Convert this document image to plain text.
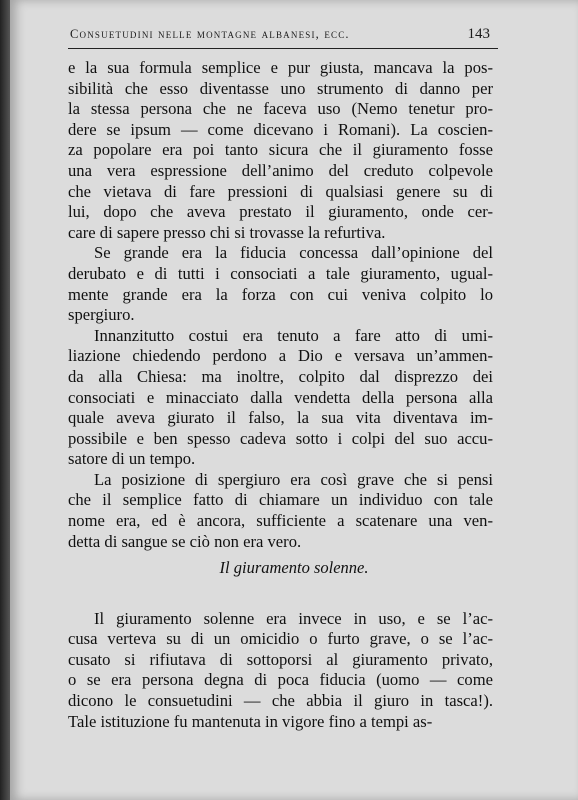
Consuetudini nelle montagne albanesi, ecc.	143

e la sua formula semplice e pur giusta, mancava la pos-
sibilità che esso diventasse uno strumento di danno per
la stessa persona che ne faceva uso (Nemo tenetur pro-
dere se ipsum — come dicevano i Romani). La coscien-
za popolare era poi tanto sicura che il giuramento fosse
una vera espressione dell’animo del creduto colpevole
che vietava di fare pressioni di qualsiasi genere su di
lui, dopo che aveva prestato il giuramento, onde cer-
care di sapere presso chi si trovasse la refurtiva.

Se grande era la fiducia concessa dall’opinione del
derubato e di tutti i consociati a tale giuramento, ugual-
mente grande era la forza con cui veniva colpito lo
spergiuro.

Innanzitutto costui era tenuto a fare atto di umi-
liazione chiedendo perdono a Dio e versava un’ammen-
da alla Chiesa: ma inoltre, colpito dal disprezzo dei
consociati e minacciato dalla vendetta della persona alla
quale aveva giurato il falso, la sua vita diventava im-
possibile e ben spesso cadeva sotto i colpi del suo accu-
satore di un tempo.

La posizione di spergiuro era così grave che si pensi
che il semplice fatto di chiamare un individuo con tale
nome era, ed è ancora, sufficiente a scatenare una ven-
detta di sangue se ciò non era vero.

Il giuramento solenne.

Il giuramento solenne era invece in uso, e se l’ac-
cusa verteva su di un omicidio o furto grave, o se l’ac-
cusato si rifiutava di sottoporsi al giuramento privato,
o se era persona degna di poca fiducia (uomo — come
dicono le consuetudini — che abbia il giuro in tasca!).
Tale istituzione fu mantenuta in vigore fino a tempi as-
